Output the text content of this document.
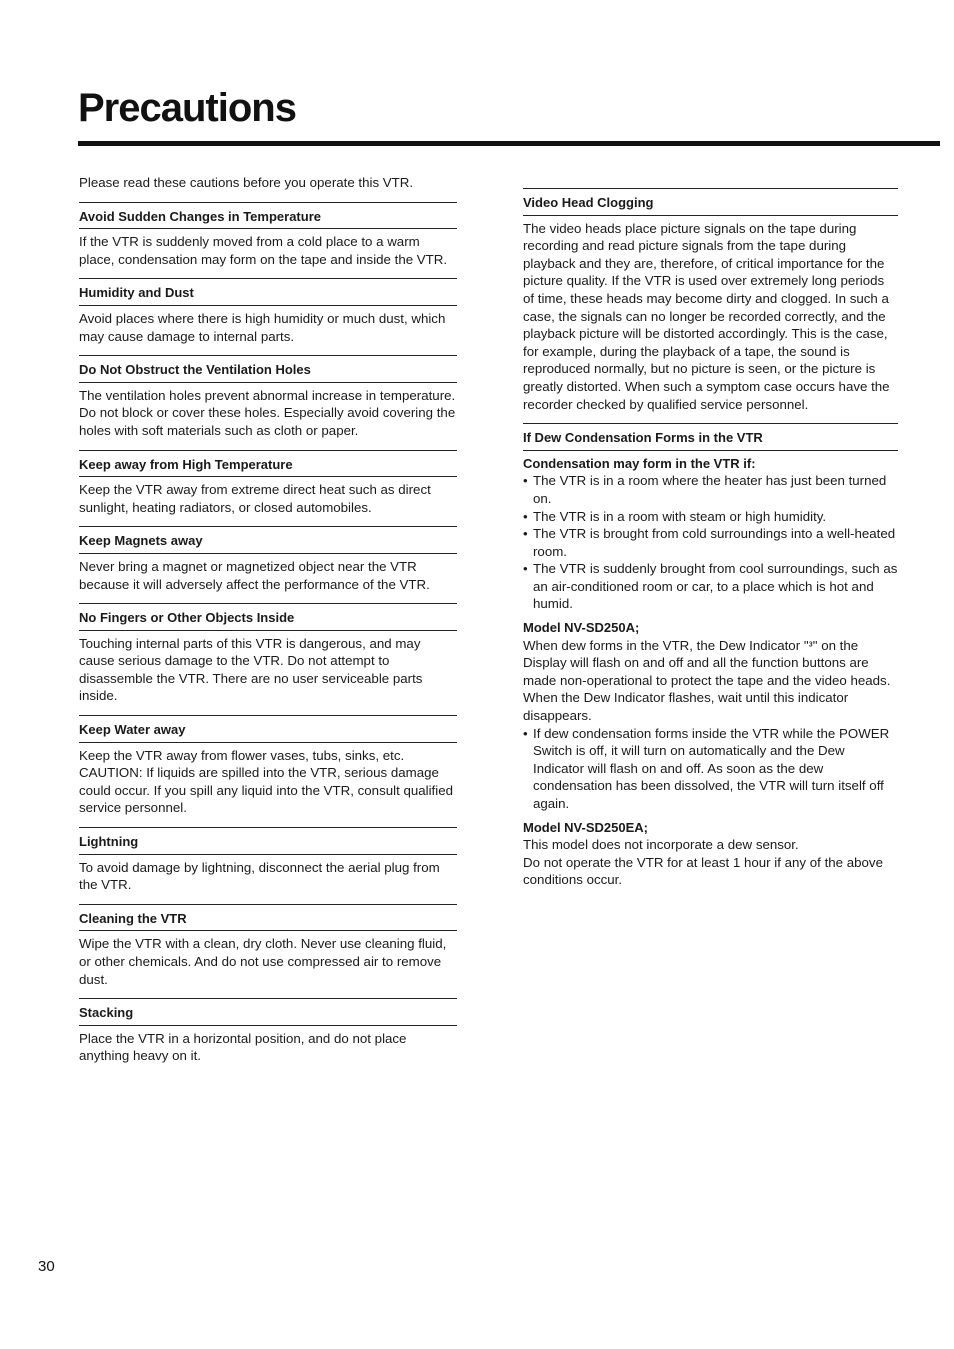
Precautions

Please read these cautions before you operate this VTR.

Avoid Sudden Changes in Temperature

If the VTR is suddenly moved from a cold place to a warm place, condensation may form on the tape and inside the VTR.

Humidity and Dust

Avoid places where there is high humidity or much dust, which may cause damage to internal parts.

Do Not Obstruct the Ventilation Holes

The ventilation holes prevent abnormal increase in temperature. Do not block or cover these holes. Especially avoid covering the holes with soft materials such as cloth or paper.

Keep away from High Temperature

Keep the VTR away from extreme direct heat such as direct sunlight, heating radiators, or closed automobiles.

Keep Magnets away

Never bring a magnet or magnetized object near the VTR because it will adversely affect the performance of the VTR.

No Fingers or Other Objects Inside

Touching internal parts of this VTR is dangerous, and may cause serious damage to the VTR. Do not attempt to disassemble the VTR. There are no user serviceable parts inside.

Keep Water away

Keep the VTR away from flower vases, tubs, sinks, etc. CAUTION: If liquids are spilled into the VTR, serious damage could occur. If you spill any liquid into the VTR, consult qualified service personnel.

Lightning

To avoid damage by lightning, disconnect the aerial plug from the VTR.

Cleaning the VTR

Wipe the VTR with a clean, dry cloth. Never use cleaning fluid, or other chemicals. And do not use compressed air to remove dust.

Stacking

Place the VTR in a horizontal position, and do not place anything heavy on it.

Video Head Clogging

The video heads place picture signals on the tape during recording and read picture signals from the tape during playback and they are, therefore, of critical importance for the picture quality. If the VTR is used over extremely long periods of time, these heads may become dirty and clogged. In such a case, the signals can no longer be recorded correctly, and the playback picture will be distorted accordingly. This is the case, for example, during the playback of a tape, the sound is reproduced normally, but no picture is seen, or the picture is greatly distorted. When such a symptom case occurs have the recorder checked by qualified service personnel.

If Dew Condensation Forms in the VTR
Condensation may form in the VTR if:
• The VTR is in a room where the heater has just been turned on.
• The VTR is in a room with steam or high humidity.
• The VTR is brought from cold surroundings into a well-heated room.
• The VTR is suddenly brought from cool surroundings, such as an air-conditioned room or car, to a place which is hot and humid.
Model NV-SD250A;

When dew forms in the VTR, the Dew Indicator "ᵌ" on the Display will flash on and off and all the function buttons are made non-operational to protect the tape and the video heads. When the Dew Indicator flashes, wait until this indicator disappears.

• If dew condensation forms inside the VTR while the POWER Switch is off, it will turn on automatically and the Dew Indicator will flash on and off. As soon as the dew condensation has been dissolved, the VTR will turn itself off again.
Model NV-SD250EA;

This model does not incorporate a dew sensor.

Do not operate the VTR for at least 1 hour if any of the above conditions occur.

30
